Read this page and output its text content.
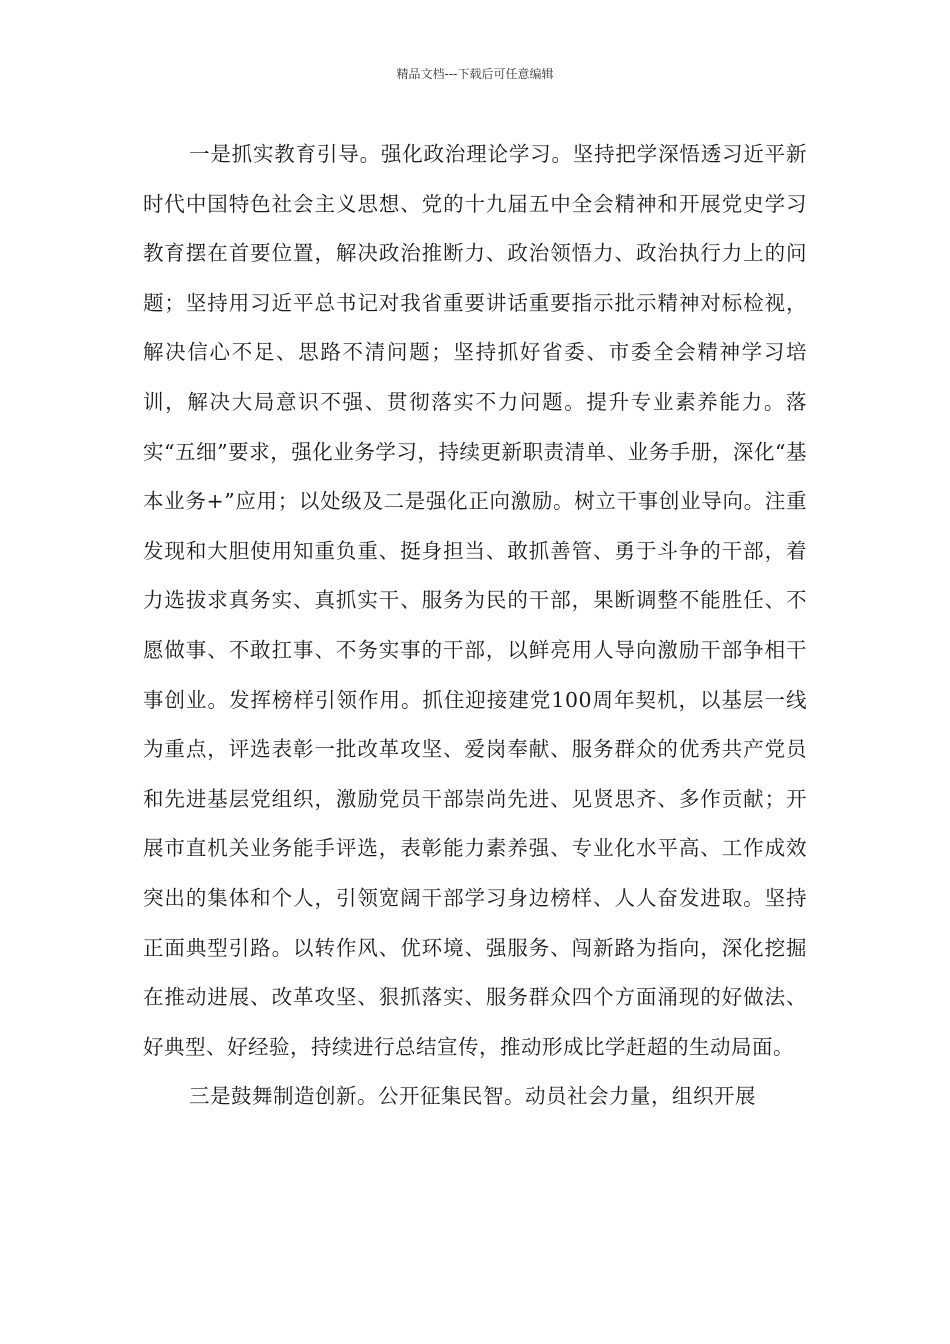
精品文档---下载后可任意编辑

一是抓实教育引导。强化政治理论学习。坚持把学深悟透习近平新时代中国特色社会主义思想、党的十九届五中全会精神和开展党史学习教育摆在首要位置，解决政治推断力、政治领悟力、政治执行力上的问题；坚持用习近平总书记对我省重要讲话重要指示批示精神对标检视，解决信心不足、思路不清问题；坚持抓好省委、市委全会精神学习培训，解决大局意识不强、贯彻落实不力问题。提升专业素养能力。落实“五细”要求，强化业务学习，持续更新职责清单、业务手册，深化“基本业务+”应用；以处级及二是强化正向激励。树立干事创业导向。注重发现和大胆使用知重负重、挺身担当、敢抓善管、勇于斗争的干部，着力选拔求真务实、真抓实干、服务为民的干部，果断调整不能胜任、不愿做事、不敢扛事、不务实事的干部，以鲜亮用人导向激励干部争相干事创业。发挥榜样引领作用。抓住迎接建党100周年契机，以基层一线为重点，评选表彰一批改革攻坚、爱岗奉献、服务群众的优秀共产党员和先进基层党组织，激励党员干部崇尚先进、见贤思齐、多作贡献；开展市直机关业务能手评选，表彰能力素养强、专业化水平高、工作成效突出的集体和个人，引领宽阔干部学习身边榜样、人人奋发进取。坚持正面典型引路。以转作风、优环境、强服务、闯新路为指向，深化挖掘在推动进展、改革攻坚、狠抓落实、服务群众四个方面涌现的好做法、好典型、好经验，持续进行总结宣传，推动形成比学赶超的生动局面。

三是鼓舞制造创新。公开征集民智。动员社会力量，组织开展
